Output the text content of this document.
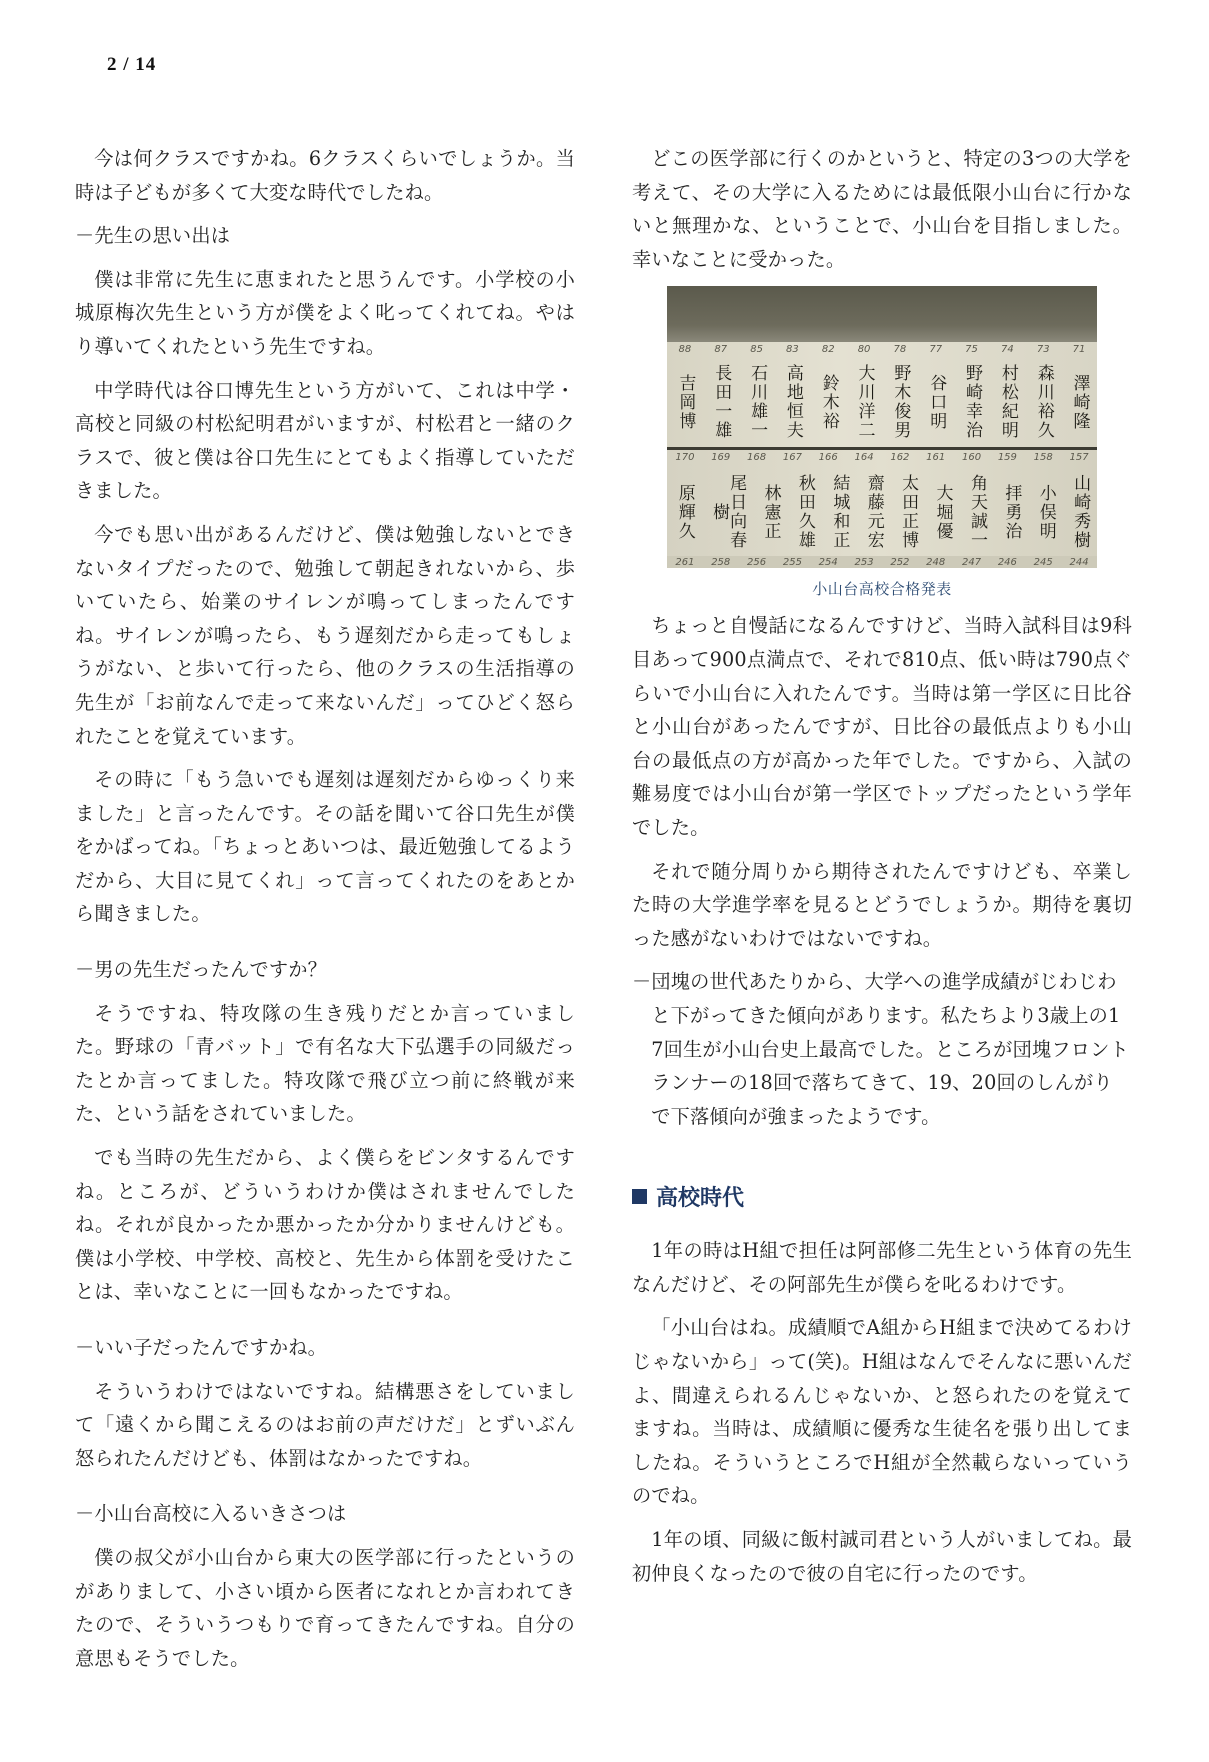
2 / 14

今は何クラスですかね。6クラスくらいでしょうか。当時は子どもが多くて大変な時代でしたね。

－先生の思い出は

僕は非常に先生に恵まれたと思うんです。小学校の小城原梅次先生という方が僕をよく叱ってくれてね。やはり導いてくれたという先生ですね。

中学時代は谷口博先生という方がいて、これは中学・高校と同級の村松紀明君がいますが、村松君と一緒のクラスで、彼と僕は谷口先生にとてもよく指導していただきました。

今でも思い出があるんだけど、僕は勉強しないとできないタイプだったので、勉強して朝起きれないから、歩いていたら、始業のサイレンが鳴ってしまったんですね。サイレンが鳴ったら、もう遅刻だから走ってもしょうがない、と歩いて行ったら、他のクラスの生活指導の先生が「お前なんで走って来ないんだ」ってひどく怒られたことを覚えています。

その時に「もう急いでも遅刻は遅刻だからゆっくり来ました」と言ったんです。その話を聞いて谷口先生が僕をかばってね。「ちょっとあいつは、最近勉強してるようだから、大目に見てくれ」って言ってくれたのをあとから聞きました。

－男の先生だったんですか？

そうですね、特攻隊の生き残りだとか言っていました。野球の「青バット」で有名な大下弘選手の同級だったとか言ってました。特攻隊で飛び立つ前に終戦が来た、という話をされていました。

でも当時の先生だから、よく僕らをビンタするんですね。ところが、どういうわけか僕はされませんでしたね。それが良かったか悪かったか分かりませんけども。僕は小学校、中学校、高校と、先生から体罰を受けたことは、幸いなことに一回もなかったですね。

－いい子だったんですかね。

そういうわけではないですね。結構悪さをしていまして「遠くから聞こえるのはお前の声だけだ」とずいぶん怒られたんだけども、体罰はなかったですね。

－小山台高校に入るいきさつは

僕の叔父が小山台から東大の医学部に行ったというのがありまして、小さい頃から医者になれとか言われてきたので、そういうつもりで育ってきたんですね。自分の意思もそうでした。

どこの医学部に行くのかというと、特定の3つの大学を考えて、その大学に入るためには最低限小山台に行かないと無理かな、ということで、小山台を目指しました。幸いなことに受かった。

88 87 85 83 82 80 78 77 75 74 73 71
吉岡博 長田一雄 石川雄一 高地恒夫 鈴木裕 大川洋二 野木俊男 谷口明 野崎幸治 村松紀明 森川裕久 澤崎隆
170 169 168 167 166 164 162 161 160 159 158 157
原輝久	尾日向春樹	林憲正 秋田久雄 結城和正 齋藤元宏 太田正博 大堀優 角天誠一 拝勇治 小俣明 山崎秀樹
261 258 256 255 254 253 252 248 247 246 245 244
小山台高校合格発表

ちょっと自慢話になるんですけど、当時入試科目は9科目あって900点満点で、それで810点、低い時は790点ぐらいで小山台に入れたんです。当時は第一学区に日比谷と小山台があったんですが、日比谷の最低点よりも小山台の最低点の方が高かった年でした。ですから、入試の難易度では小山台が第一学区でトップだったという学年でした。

それで随分周りから期待されたんですけども、卒業した時の大学進学率を見るとどうでしょうか。期待を裏切った感がないわけではないですね。

－団塊の世代あたりから、大学への進学成績がじわじわと下がってきた傾向があります。私たちより3歳上の17回生が小山台史上最高でした。ところが団塊フロントランナーの18回で落ちてきて、19、20回のしんがりで下落傾向が強まったようです。

高校時代

1年の時はH組で担任は阿部修二先生という体育の先生なんだけど、その阿部先生が僕らを叱るわけです。

「小山台はね。成績順でA組からH組まで決めてるわけじゃないから」って(笑)。H組はなんでそんなに悪いんだよ、間違えられるんじゃないか、と怒られたのを覚えてますね。当時は、成績順に優秀な生徒名を張り出してましたね。そういうところでH組が全然載らないっていうのでね。

1年の頃、同級に飯村誠司君という人がいましてね。最初仲良くなったので彼の自宅に行ったのです。
